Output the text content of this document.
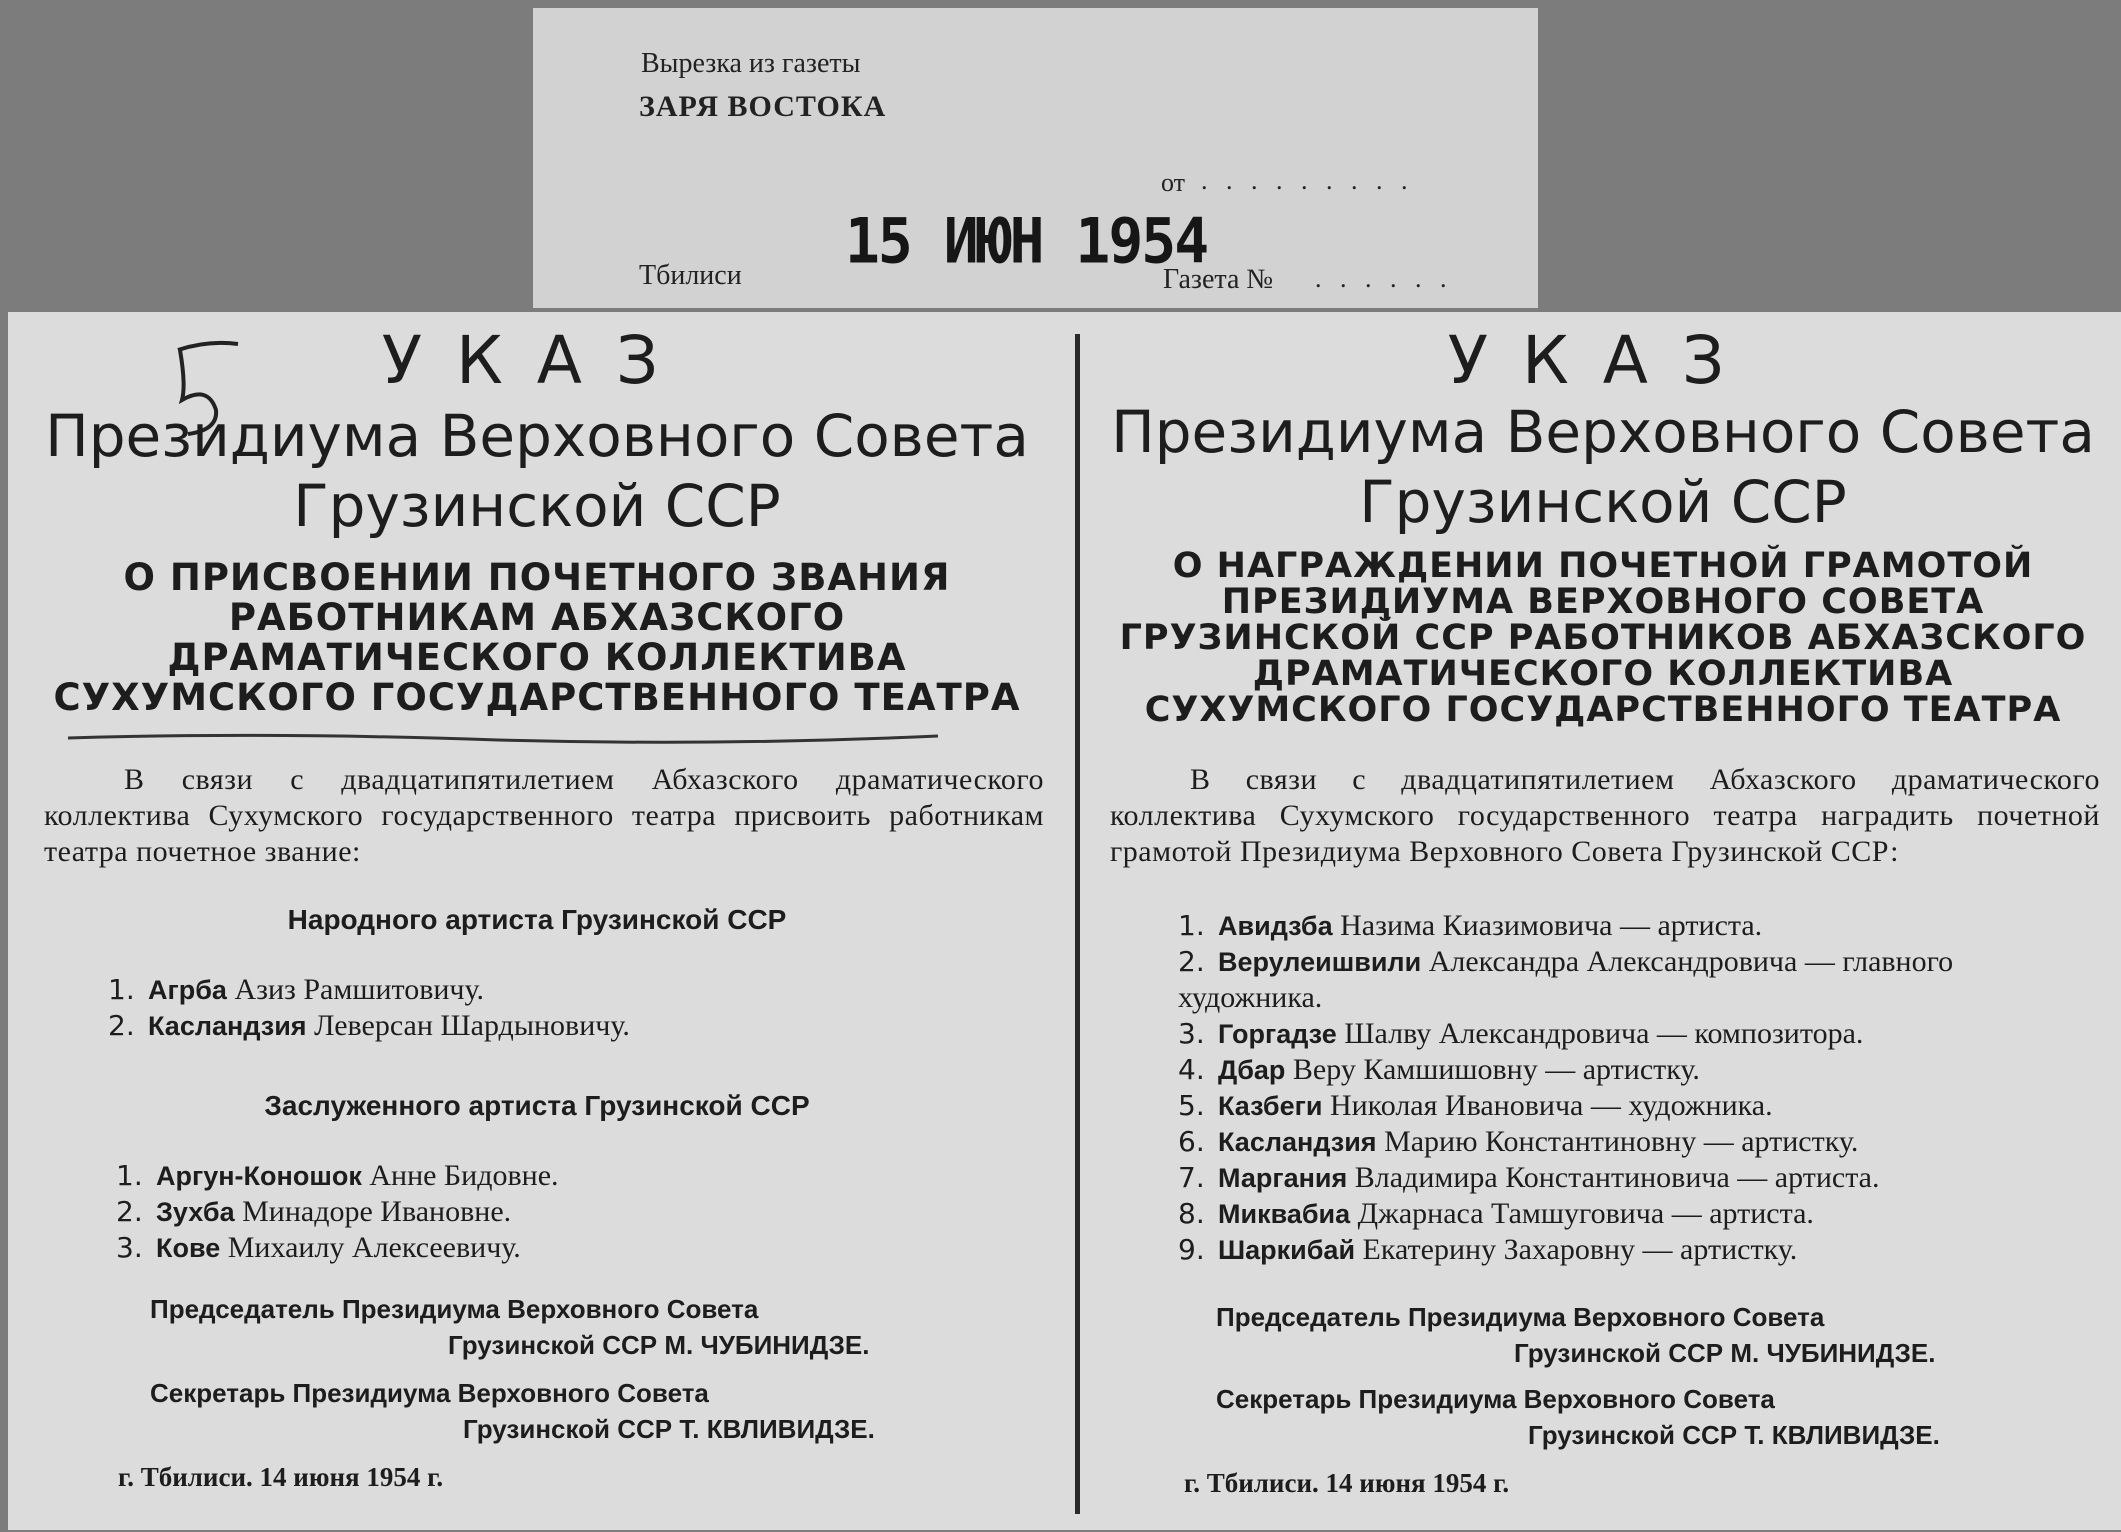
Вырезка из газеты
ЗАРЯ ВОСТОКА
от . . . . . . . . .
15 ИЮН 1954
Тбилиси	Газета № . . . . . .
УКАЗ
Президиума Верховного Совета
Грузинской ССР
О ПРИСВОЕНИИ ПОЧЕТНОГО ЗВАНИЯ
РАБОТНИКАМ АБХАЗСКОГО
ДРАМАТИЧЕСКОГО КОЛЛЕКТИВА
СУХУМСКОГО ГОСУДАРСТВЕННОГО ТЕАТРА
В связи с двадцатипятилетием Абхазского драматического коллектива Сухумского государственного театра присвоить работникам театра почетное звание:
Народного артиста Грузинской ССР
1. Агрба Азиз Рамшитовичу.
2. Касландзия Леверсан Шардыновичу.
Заслуженного артиста Грузинской ССР
1. Аргун-Коношок Анне Бидовне.
2. Зухба Минадоре Ивановне.
3. Кове Михаилу Алексеевичу.
Председатель Президиума Верховного Совета
Грузинской ССР М. ЧУБИНИДЗЕ.
Секретарь Президиума Верховного Совета
Грузинской ССР Т. КВЛИВИДЗЕ.
г. Тбилиси. 14 июня 1954 г.
УКАЗ
Президиума Верховного Совета
Грузинской ССР
О НАГРАЖДЕНИИ ПОЧЕТНОЙ ГРАМОТОЙ
ПРЕЗИДИУМА ВЕРХОВНОГО СОВЕТА
ГРУЗИНСКОЙ ССР РАБОТНИКОВ АБХАЗСКОГО
ДРАМАТИЧЕСКОГО КОЛЛЕКТИВА
СУХУМСКОГО ГОСУДАРСТВЕННОГО ТЕАТРА
В связи с двадцатипятилетием Абхазского драматического коллектива Сухумского государственного театра наградить почетной грамотой Президиума Верховного Совета Грузинской ССР:
1. Авидзба Назима Киазимовича — артиста.
2. Верулеишвили Александра Александровича — главного художника.
3. Горгадзе Шалву Александровича — композитора.
4. Дбар Веру Камшишовну — артистку.
5. Казбеги Николая Ивановича — художника.
6. Касландзия Марию Константиновну — артистку.
7. Маргания Владимира Константиновича — артиста.
8. Миквабиа Джарнаса Тамшуговича — артиста.
9. Шаркибай Екатерину Захаровну — артистку.
Председатель Президиума Верховного Совета
Грузинской ССР М. ЧУБИНИДЗЕ.
Секретарь Президиума Верховного Совета
Грузинской ССР Т. КВЛИВИДЗЕ.
г. Тбилиси. 14 июня 1954 г.
